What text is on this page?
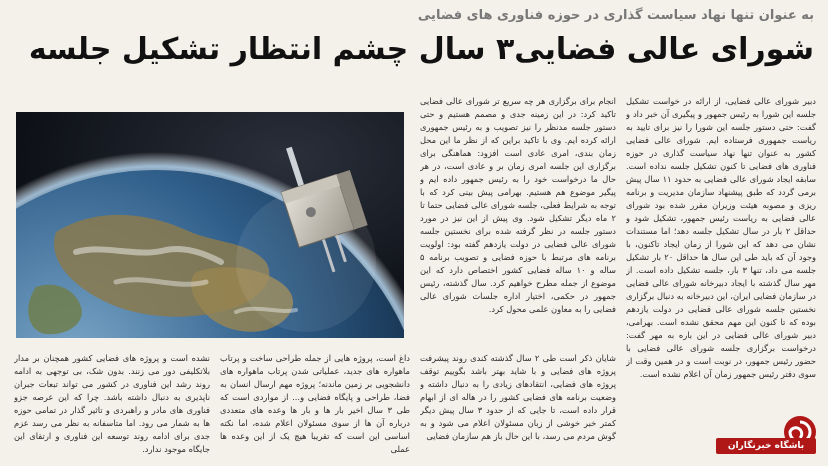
به عنوان تنها نهاد سیاست گذاری در حوزه فناوری های فضایی
شورای عالی فضایی۳ سال چشم انتظار تشکیل جلسه
دبیر شورای عالی فضایی، از ارائه در خواست تشکیل جلسه این شورا به رئیس جمهور و پیگیری آن خبر داد و گفت: حتی دستور جلسه این شورا را نیز برای تایید به ریاست جمهوری فرستاده ایم. شورای عالی فضایی کشور به عنوان تنها نهاد سیاست گذاری در حوزه فناوری های فضایی تا کنون تشکیل جلسه نداده است. سابقه ایجاد شورای عالی فضایی به حدود ۱۱ سال پیش برمی گردد که طبق پیشنهاد سازمان مدیریت و برنامه ریزی و مصوبه هیئت وزیران مقرر شده بود شورای عالی فضایی به ریاست رئیس جمهور، تشکیل شود و حداقل ۲ بار در سال تشکیل جلسه دهد؛ اما مستندات نشان می دهد که این شورا از زمان ایجاد تاکنون، با وجود آن که باید طی این سال ها حداقل ۲۰ بار تشکیل جلسه می داد، تنها ۳ بار، جلسه تشکیل داده است. از مهر سال گذشته با ایجاد دبیرخانه شورای عالی فضایی در سازمان فضایی ایران، این دبیرخانه به دنبال برگزاری نخستین جلسه شورای عالی فضایی در دولت یازدهم بوده که تا کنون این مهم محقق نشده است. بهرامی، دبیر شورای عالی فضایی در این باره به مهر گفت: درخواست برگزاری جلسه شورای عالی فضایی با حضور رئیس جمهور، در نوبت است و در همین وقت از سوی دفتر رئیس جمهور زمان آن اعلام نشده است.
انجام برای برگزاری هر چه سریع تر شورای عالی فضایی تاکید کرد: در این زمینه جدی و مصمم هستیم و حتی دستور جلسه مدنظر را نیز تصویب و به رئیس جمهوری ارائه کرده ایم. وی با تاکید براین که از نظر ما این محل زمان بندی، امری عادی است افزود: هماهنگی برای برگزاری این جلسه امری زمان بر و عادی است، در هر حال ما درخواست خود را به رئیس جمهور داده ایم و پیگیر موضوع هم هستیم. بهرامی پیش بینی کرد که با توجه به شرایط فعلی، جلسه شورای عالی فضایی حتما تا ۲ ماه دیگر تشکیل شود. وی پیش از این نیز در مورد دستور جلسه در نظر گرفته شده برای نخستین جلسه شورای عالی فضایی در دولت یازدهم گفته بود: اولویت برنامه های مرتبط با حوزه فضایی و تصویب برنامه ۵ ساله و ۱۰ ساله فضایی کشور اختصاص دارد که این موضوع از جمله مطرح خواهیم کرد. سال گذشته، رئیس جمهور در حکمی، اختیار اداره جلسات شورای عالی فضایی را به معاون علمی محول کرد.
شایان ذکر است طی ۲ سال گذشته کندی روند پیشرفت پروژه های فضایی و با شاید بهتر باشد بگوییم توقف پروژه های فضایی، انتقادهای زیادی را به دنبال داشته و وضعیت برنامه های فضایی کشور را در هاله ای از ابهام قرار داده است، تا جایی که از حدود ۳ سال پیش دیگر کمتر خبر خوشی از زبان مسئولان اعلام می شود و به گوش مردم می رسد، با این حال باز هم سازمان فضایی
داغ است، پروژه هایی از جمله طراحی ساخت و پرتاب ماهواره های جدید، عملیاتی شدن پرتاب ماهواره های دانشجویی بر زمین ماندنه؛ پروژه مهم ارسال انسان به فضا، طراحی و پایگاه فضایی و... از مواردی است که طی ۳ سال اخیر بار ها و بار ها وعده های متعددی درباره آن ها از سوی مسئولان اعلام شده، اما نکته اساسی این است که تقریبا هیچ یک از این وعده ها عملی
نشده است و پروژه های فضایی کشور همچنان بر مدار بلاتکلیفی دور می زنند. بدون شک، بی توجهی به ادامه روند رشد این فناوری در کشور می تواند تبعات جبران ناپذیری به دنبال داشته باشد. چرا که این عرصه جزو فناوری های مادر و راهبردی و تاثیر گذار در تمامی حوزه ها به شمار می رود. اما متاسفانه به نظر می رسد عزم جدی برای ادامه روند توسعه این فناوری و ارتقای این جایگاه موجود ندارد.	باشگاه خبرنگاران
